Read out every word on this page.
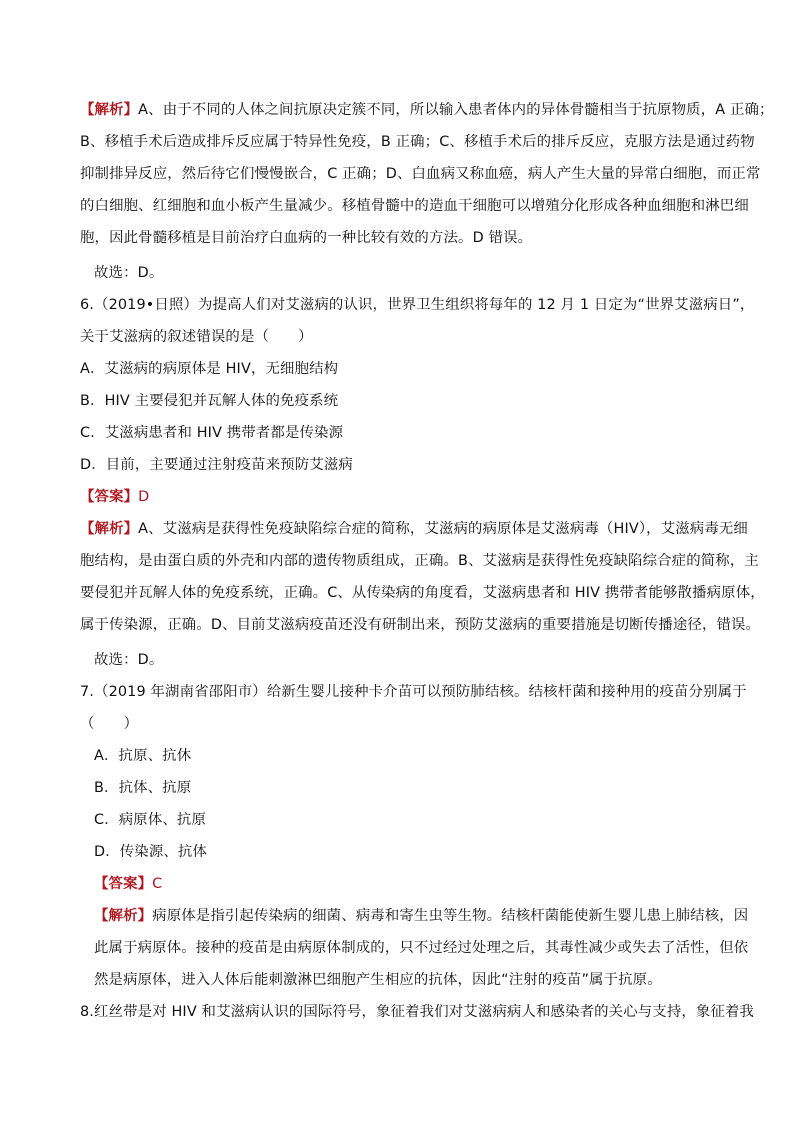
【解析】A、由于不同的人体之间抗原决定簇不同，所以输入患者体内的异体骨髓相当于抗原物质，A 正确；
B、移植手术后造成排斥反应属于特异性免疫，B 正确；C、移植手术后的排斥反应，克服方法是通过药物
抑制排异反应，然后待它们慢慢嵌合，C 正确；D、白血病又称血癌，病人产生大量的异常白细胞，而正常
的白细胞、红细胞和血小板产生量减少。移植骨髓中的造血干细胞可以增殖分化形成各种血细胞和淋巴细
胞，因此骨髓移植是目前治疗白血病的一种比较有效的方法。D 错误。
故选：D。
6.（2019•日照）为提高人们对艾滋病的认识，世界卫生组织将每年的 12 月 1 日定为“世界艾滋病日”，
关于艾滋病的叙述错误的是（　　）
A．艾滋病的病原体是 HIV，无细胞结构
B．HIV 主要侵犯并瓦解人体的免疫系统
C．艾滋病患者和 HIV 携带者都是传染源
D．目前，主要通过注射疫苗来预防艾滋病
【答案】D
【解析】A、艾滋病是获得性免疫缺陷综合症的简称，艾滋病的病原体是艾滋病毒（HIV），艾滋病毒无细
胞结构，是由蛋白质的外壳和内部的遗传物质组成，正确。B、艾滋病是获得性免疫缺陷综合症的简称，主
要侵犯并瓦解人体的免疫系统，正确。C、从传染病的角度看，艾滋病患者和 HIV 携带者能够散播病原体，
属于传染源，正确。D、目前艾滋病疫苗还没有研制出来，预防艾滋病的重要措施是切断传播途径，错误。
故选：D。
7.（2019 年湖南省邵阳市）给新生婴儿接种卡介苗可以预防肺结核。结核杆菌和接种用的疫苗分别属于
（　　）
A．抗原、抗休
B．抗体、抗原
C．病原体、抗原
D．传染源、抗体
【答案】C
【解析】病原体是指引起传染病的细菌、病毒和寄生虫等生物。结核杆菌能使新生婴儿患上肺结核，因
此属于病原体。接种的疫苗是由病原体制成的，只不过经过处理之后，其毒性减少或失去了活性，但依
然是病原体，进入人体后能刺激淋巴细胞产生相应的抗体，因此“注射的疫苗”属于抗原。
8.红丝带是对 HIV 和艾滋病认识的国际符号，象征着我们对艾滋病病人和感染者的关心与支持，象征着我
